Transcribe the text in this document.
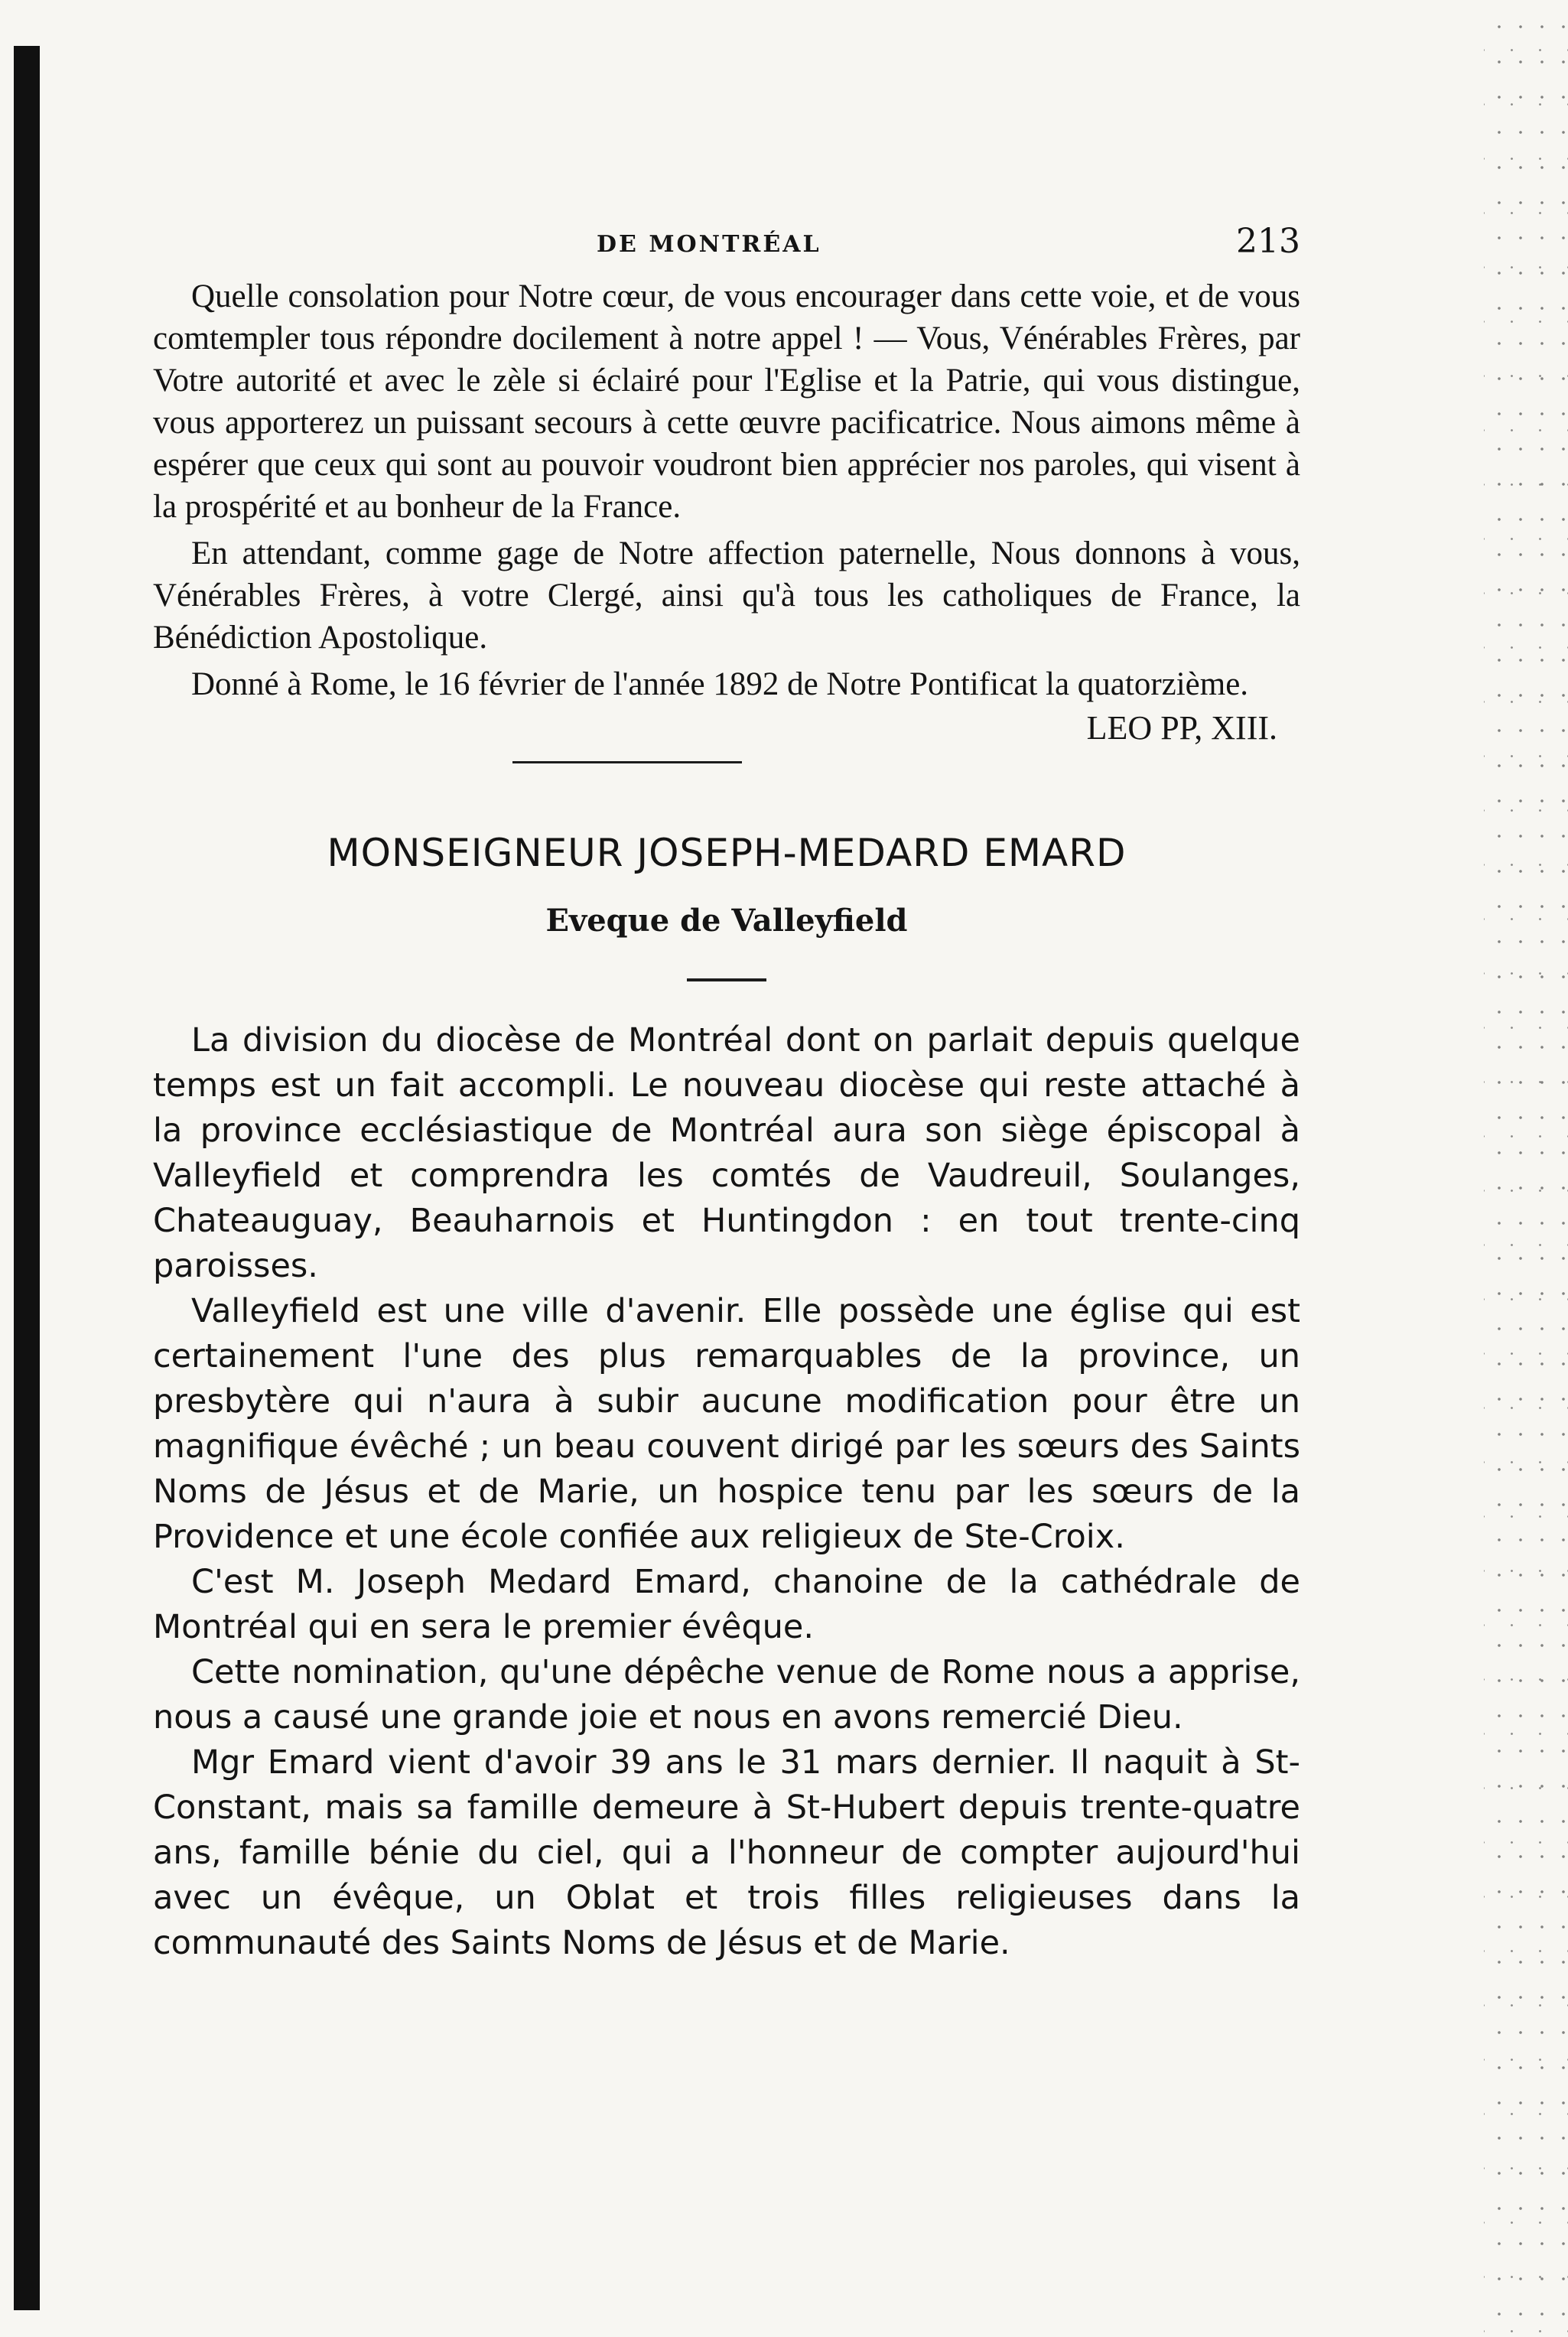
DE MONTRÉAL	213

Quelle consolation pour Notre cœur, de vous encourager dans cette voie, et de vous comtempler tous répondre docilement à notre appel ! — Vous, Vénérables Frères, par Votre autorité et avec le zèle si éclairé pour l'Eglise et la Patrie, qui vous distingue, vous apporterez un puissant secours à cette œuvre pacificatrice. Nous aimons même à espérer que ceux qui sont au pouvoir voudront bien apprécier nos paroles, qui visent à la prospérité et au bonheur de la France.

En attendant, comme gage de Notre affection paternelle, Nous donnons à vous, Vénérables Frères, à votre Clergé, ainsi qu'à tous les catholiques de France, la Bénédiction Apostolique.

Donné à Rome, le 16 février de l'année 1892 de Notre Pontificat la quatorzième.

LEO PP, XIII.
MONSEIGNEUR JOSEPH-MEDARD EMARD
Eveque de Valleyfield

La division du diocèse de Montréal dont on parlait depuis quelque temps est un fait accompli. Le nouveau diocèse qui reste attaché à la province ecclésiastique de Montréal aura son siège épiscopal à Valleyfield et comprendra les comtés de Vaudreuil, Soulanges, Chateauguay, Beauharnois et Huntingdon : en tout trente-cinq paroisses.

Valleyfield est une ville d'avenir. Elle possède une église qui est certainement l'une des plus remarquables de la province, un presbytère qui n'aura à subir aucune modification pour être un magnifique évêché ; un beau couvent dirigé par les sœurs des Saints Noms de Jésus et de Marie, un hospice tenu par les sœurs de la Providence et une école confiée aux religieux de Ste-Croix.

C'est M. Joseph Medard Emard, chanoine de la cathédrale de Montréal qui en sera le premier évêque.

Cette nomination, qu'une dépêche venue de Rome nous a apprise, nous a causé une grande joie et nous en avons remercié Dieu.

Mgr Emard vient d'avoir 39 ans le 31 mars dernier. Il naquit à St-Constant, mais sa famille demeure à St-Hubert depuis trente-quatre ans, famille bénie du ciel, qui a l'honneur de compter aujourd'hui avec un évêque, un Oblat et trois filles religieuses dans la communauté des Saints Noms de Jésus et de Marie.
